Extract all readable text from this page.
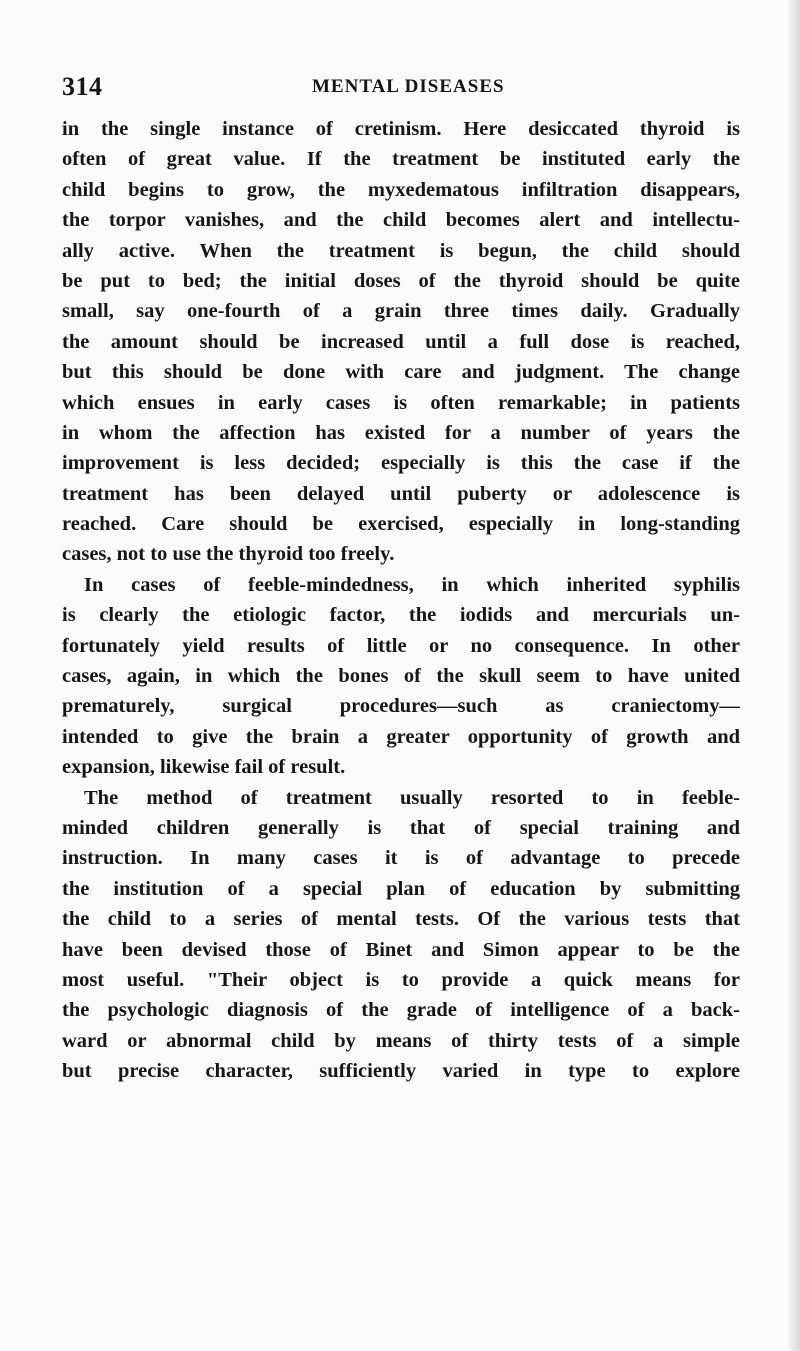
314	MENTAL DISEASES
in the single instance of cretinism. Here desiccated thyroid is
often of great value. If the treatment be instituted early the
child begins to grow, the myxedematous infiltration disappears,
the torpor vanishes, and the child becomes alert and intellectu-
ally active. When the treatment is begun, the child should
be put to bed; the initial doses of the thyroid should be quite
small, say one-fourth of a grain three times daily. Gradually
the amount should be increased until a full dose is reached,
but this should be done with care and judgment. The change
which ensues in early cases is often remarkable; in patients
in whom the affection has existed for a number of years the
improvement is less decided; especially is this the case if the
treatment has been delayed until puberty or adolescence is
reached. Care should be exercised, especially in long-standing
cases, not to use the thyroid too freely.
In cases of feeble-mindedness, in which inherited syphilis
is clearly the etiologic factor, the iodids and mercurials un-
fortunately yield results of little or no consequence. In other
cases, again, in which the bones of the skull seem to have united
prematurely, surgical procedures—such as craniectomy—
intended to give the brain a greater opportunity of growth and
expansion, likewise fail of result.
The method of treatment usually resorted to in feeble-
minded children generally is that of special training and
instruction. In many cases it is of advantage to precede
the institution of a special plan of education by submitting
the child to a series of mental tests. Of the various tests that
have been devised those of Binet and Simon appear to be the
most useful. "Their object is to provide a quick means for
the psychologic diagnosis of the grade of intelligence of a back-
ward or abnormal child by means of thirty tests of a simple
but precise character, sufficiently varied in type to explore
